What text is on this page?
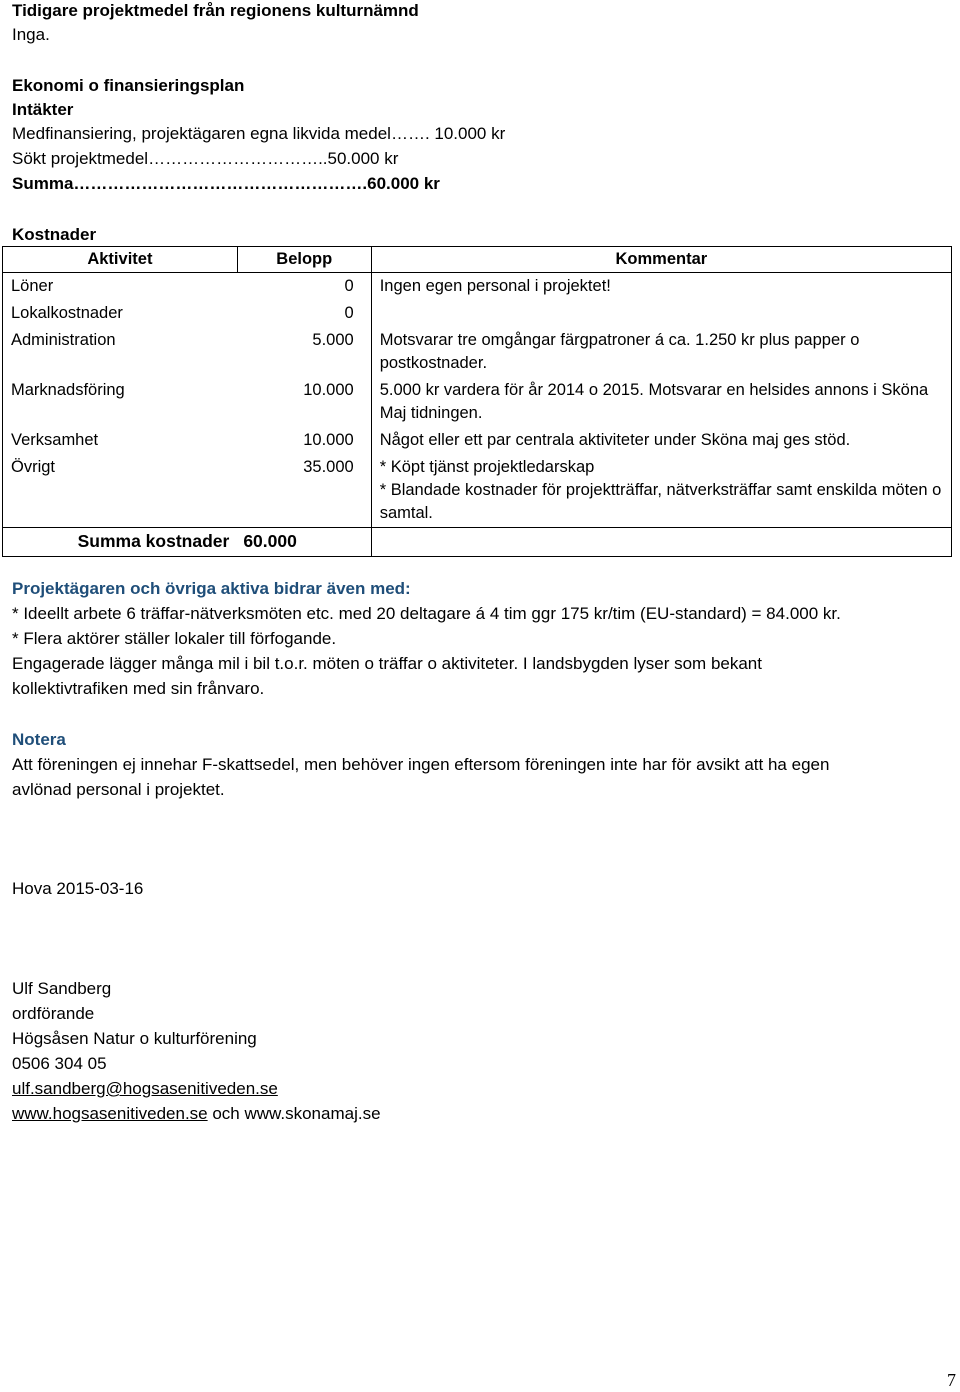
Tidigare projektmedel från regionens kulturnämnd
Inga.
Ekonomi o finansieringsplan
Intäkter
Medfinansiering, projektägaren egna likvida medel……. 10.000 kr
Sökt projektmedel…………………………..50.000 kr
Summa…………………………………………….60.000 kr
Kostnader
Aktivitet	Belopp	Kommentar
Löner	0	Ingen egen personal i projektet!
Lokalkostnader	0	
Administration	5.000	Motsvarar tre omgångar färgpatroner á ca. 1.250 kr plus papper o postkostnader.
Marknadsföring	10.000	5.000 kr vardera för år 2014 o 2015. Motsvarar en helsides annons i Sköna Maj tidningen.
Verksamhet	10.000	Något eller ett par centrala aktiviteter under Sköna maj ges stöd.
Övrigt	35.000	* Köpt tjänst projektledarskap
* Blandade kostnader för projektträffar, nätverksträffar samt enskilda möten o samtal.

Summa kostnader	60.000	
Projektägaren och övriga aktiva bidrar även med:
* Ideellt arbete 6 träffar-nätverksmöten etc. med 20 deltagare á 4 tim ggr 175 kr/tim (EU-standard) = 84.000 kr.
* Flera aktörer ställer lokaler till förfogande.
Engagerade lägger många mil i bil t.o.r. möten o träffar o aktiviteter. I landsbygden lyser som bekant
kollektivtrafiken med sin frånvaro.
Notera
Att föreningen ej innehar F-skattsedel, men behöver ingen eftersom föreningen inte har för avsikt att ha egen
avlönad personal i projektet.
Hova 2015-03-16
Ulf Sandberg
ordförande
Högsåsen Natur o kulturförening
0506 304 05
ulf.sandberg@hogsasenitiveden.se
www.hogsasenitiveden.se och www.skonamaj.se
7
